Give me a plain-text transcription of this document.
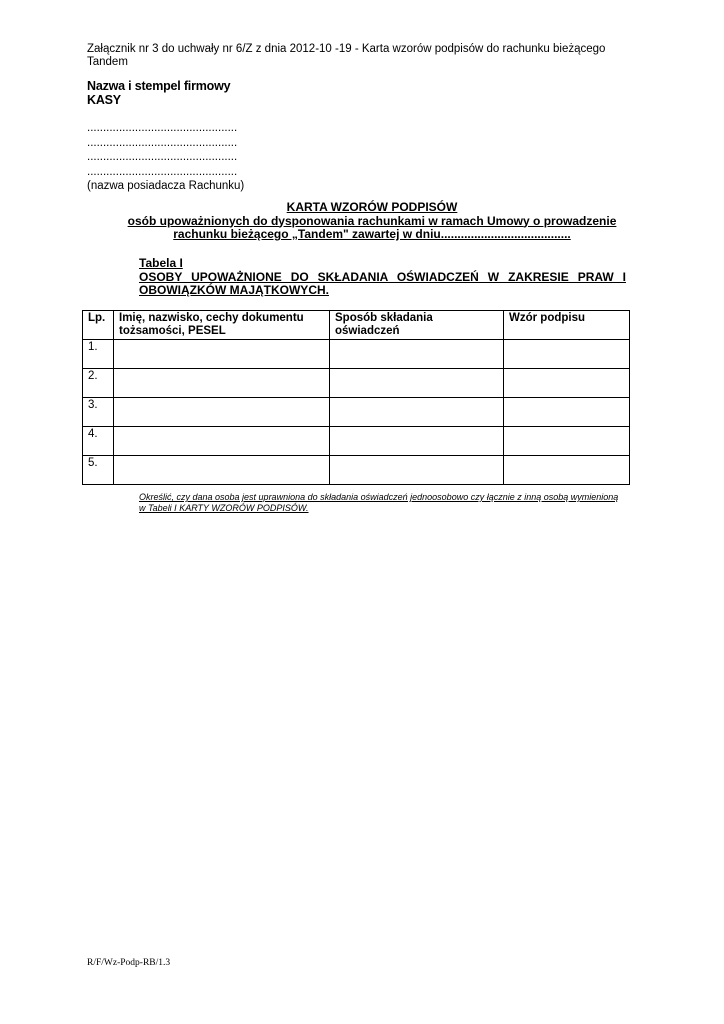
Załącznik nr 3 do uchwały nr 6/Z z dnia 2012-10 -19 - Karta wzorów podpisów do rachunku bieżącego Tandem
Nazwa i stempel firmowy
KASY
...............................................
...............................................
...............................................
...............................................
(nazwa posiadacza Rachunku)
KARTA WZORÓW PODPISÓW
osób upoważnionych do dysponowania rachunkami w ramach Umowy o prowadzenie
rachunku bieżącego „Tandem" zawartej w dniu.......................................
Tabela I
OSOBY UPOWAŻNIONE DO SKŁADANIA OŚWIADCZEŃ W ZAKRESIE PRAW I
OBOWIĄZKÓW MAJĄTKOWYCH.
Lp.	Imię, nazwisko, cechy dokumentu tożsamości, PESEL	Sposób składania oświadczeń	Wzór podpisu
1.			
2.			
3.			
4.			
5.			
Określić, czy dana osoba jest uprawniona do składania oświadczeń jednoosobowo czy łącznie z inną osobą wymienioną w Tabeli I KARTY WZORÓW PODPISÓW.
R/F/Wz-Podp-RB/1.3
